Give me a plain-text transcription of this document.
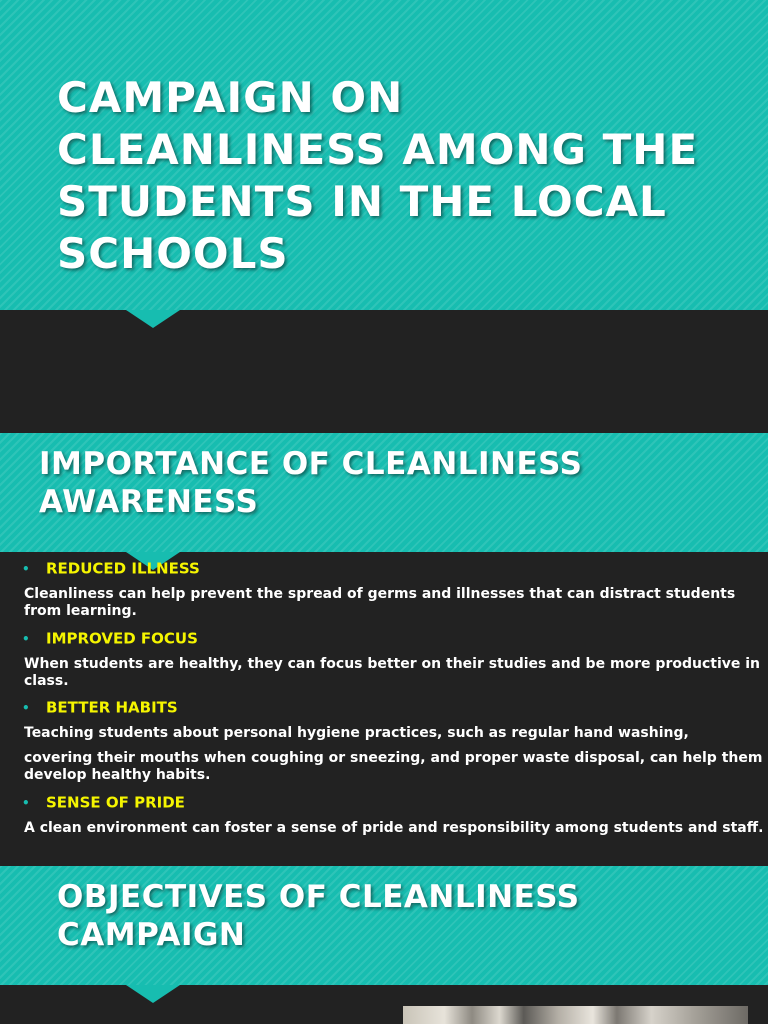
CAMPAIGN ON CLEANLINESS AMONG THE STUDENTS IN THE LOCAL SCHOOLS
IMPORTANCE OF CLEANLINESS AWARENESS
• REDUCED ILLNESS

Cleanliness can help prevent the spread of germs and illnesses that can distract students

from learning.

• IMPROVED FOCUS

When students are healthy, they can focus better on their studies and be more productive in

class.

• BETTER HABITS

Teaching students about personal hygiene practices, such as regular hand washing,

covering their mouths when coughing or sneezing, and proper waste disposal, can help them

develop healthy habits.

• SENSE OF PRIDE

A clean environment can foster a sense of pride and responsibility among students and staff.

OBJECTIVES OF CLEANLINESS CAMPAIGN
